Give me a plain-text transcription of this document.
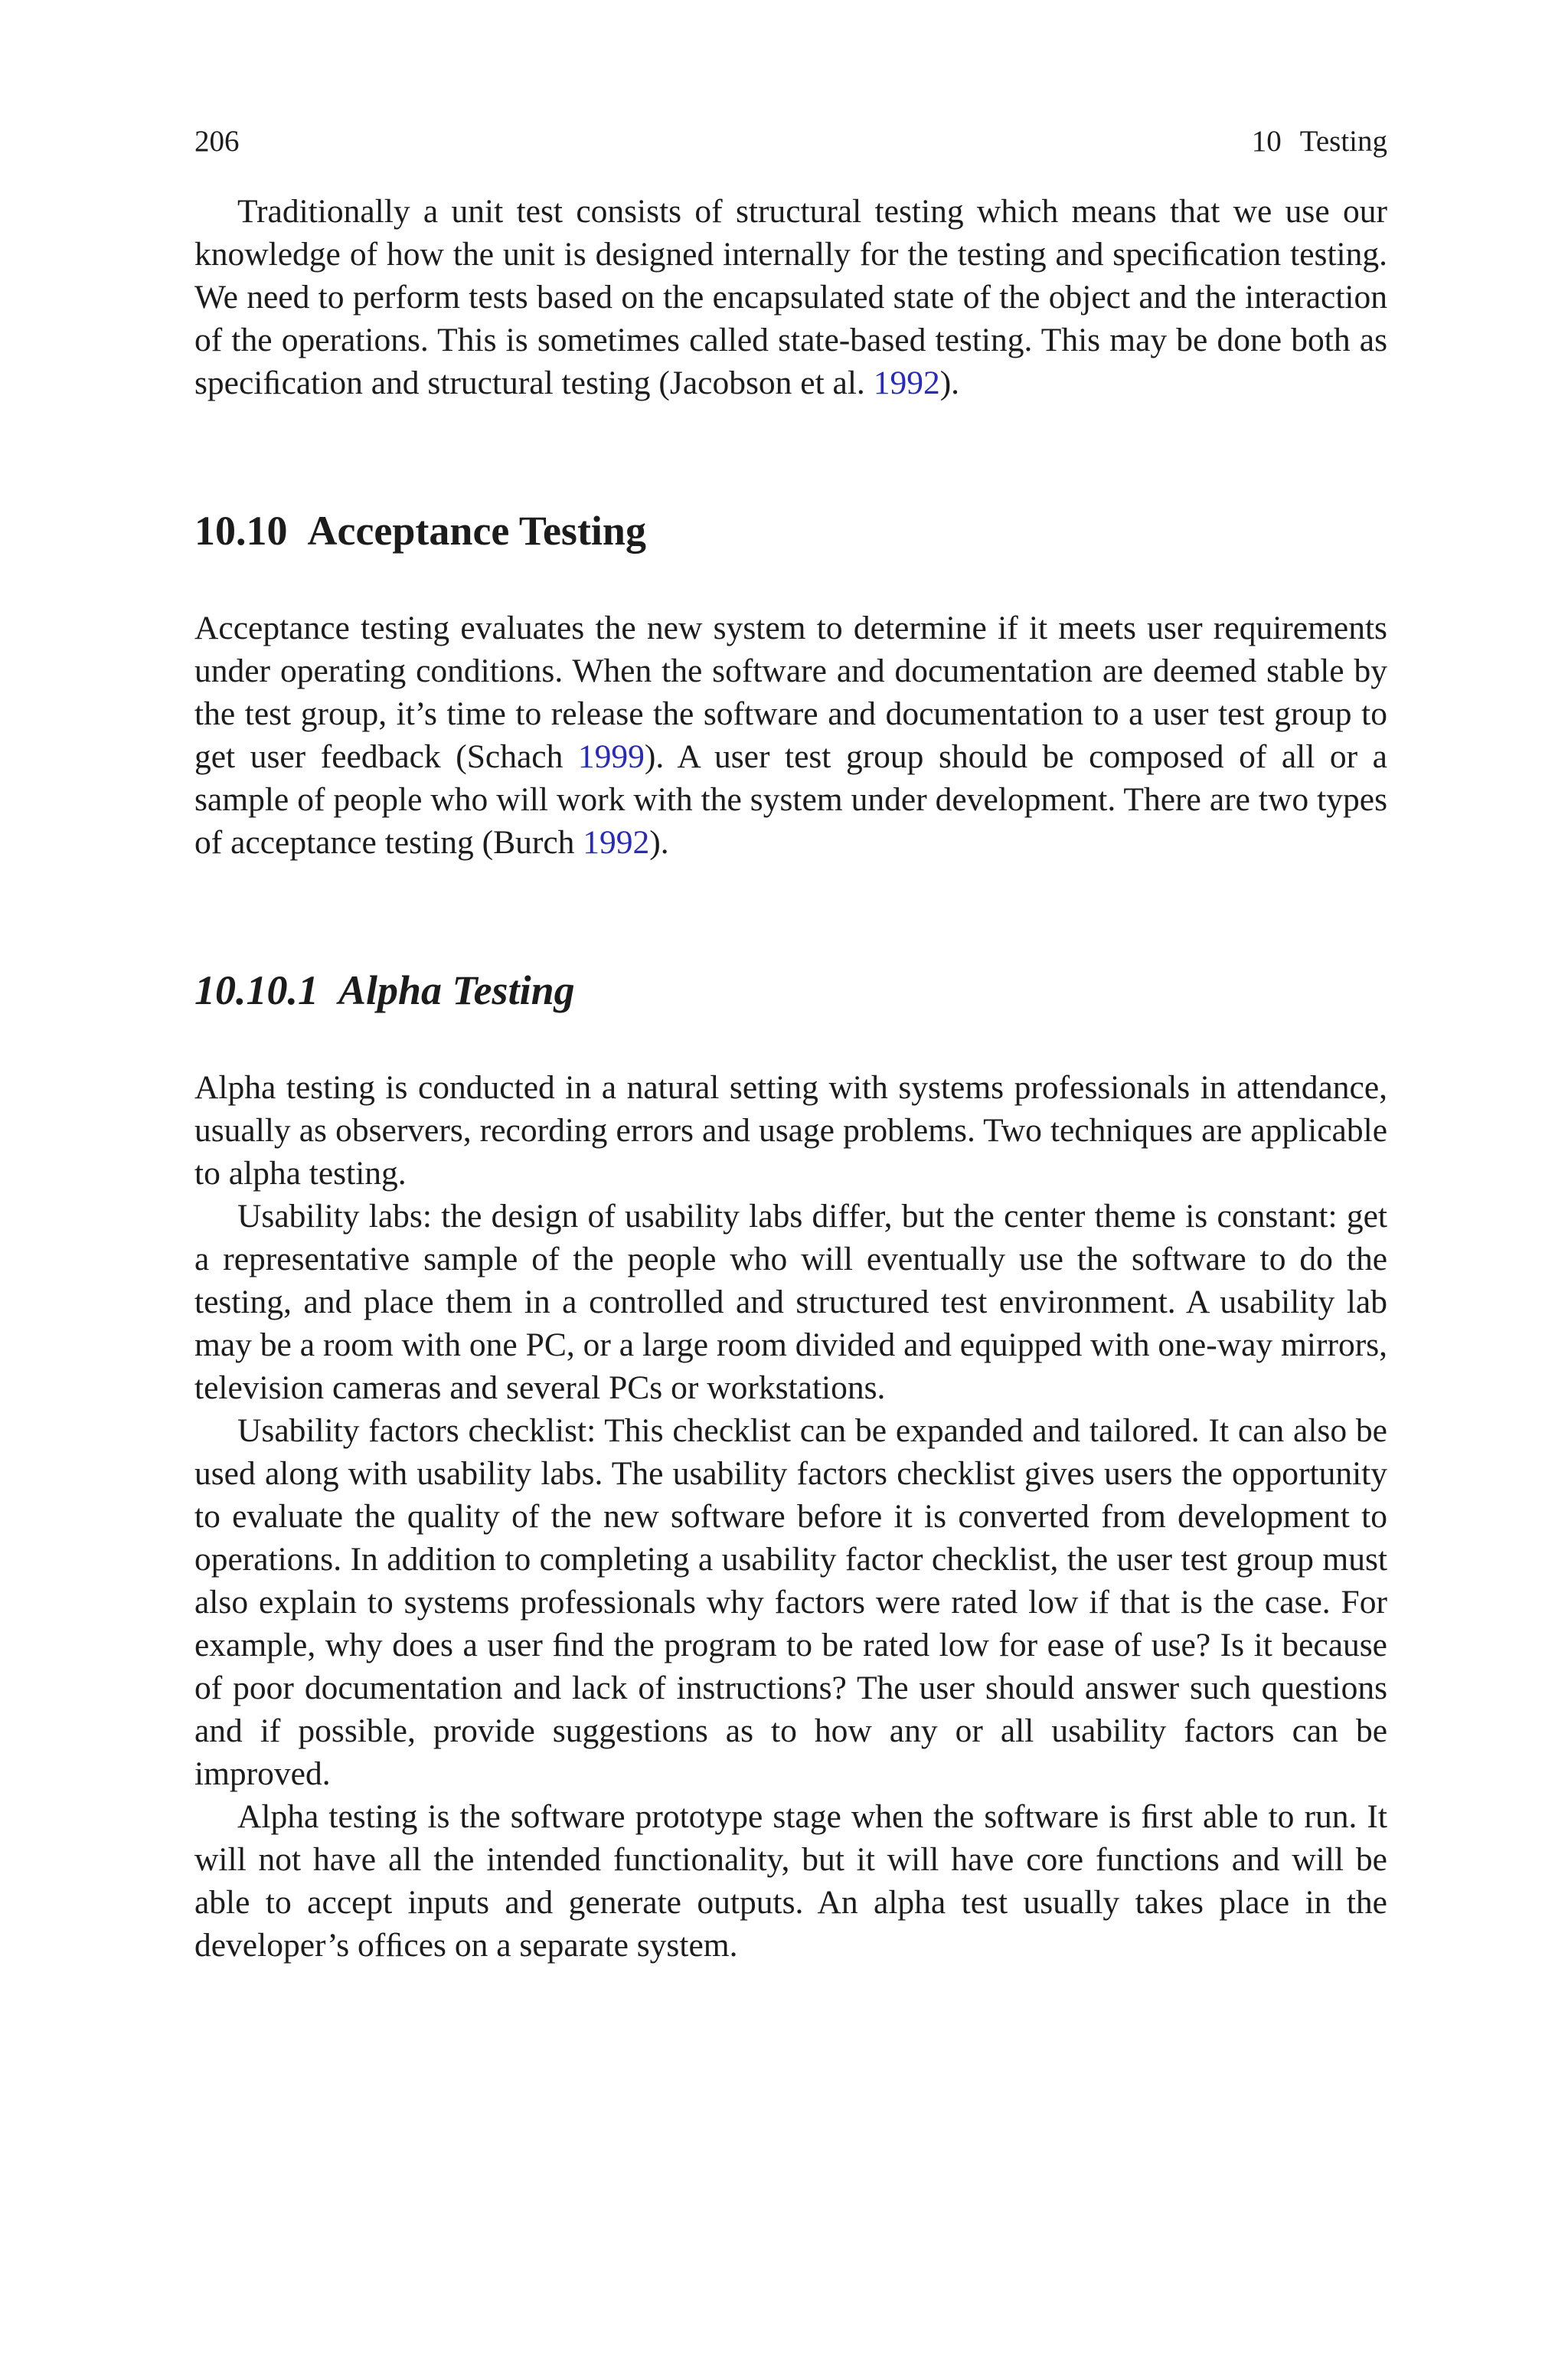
206	10 Testing

Traditionally a unit test consists of structural testing which means that we use our knowledge of how the unit is designed internally for the testing and speciﬁcation testing. We need to perform tests based on the encapsulated state of the object and the interaction of the operations. This is sometimes called state-based testing. This may be done both as speciﬁcation and structural testing (Jacobson et al. 1992).

10.10 Acceptance Testing

Acceptance testing evaluates the new system to determine if it meets user requirements under operating conditions. When the software and documentation are deemed stable by the test group, it’s time to release the software and documentation to a user test group to get user feedback (Schach 1999). A user test group should be composed of all or a sample of people who will work with the system under development. There are two types of acceptance testing (Burch 1992).

10.10.1 Alpha Testing

Alpha testing is conducted in a natural setting with systems professionals in attendance, usually as observers, recording errors and usage problems. Two techniques are applicable to alpha testing.

Usability labs: the design of usability labs differ, but the center theme is constant: get a representative sample of the people who will eventually use the software to do the testing, and place them in a controlled and structured test environment. A usability lab may be a room with one PC, or a large room divided and equipped with one-way mirrors, television cameras and several PCs or workstations.

Usability factors checklist: This checklist can be expanded and tailored. It can also be used along with usability labs. The usability factors checklist gives users the opportunity to evaluate the quality of the new software before it is converted from development to operations. In addition to completing a usability factor checklist, the user test group must also explain to systems professionals why factors were rated low if that is the case. For example, why does a user ﬁnd the program to be rated low for ease of use? Is it because of poor documentation and lack of instructions? The user should answer such questions and if possible, provide suggestions as to how any or all usability factors can be improved.

Alpha testing is the software prototype stage when the software is ﬁrst able to run. It will not have all the intended functionality, but it will have core functions and will be able to accept inputs and generate outputs. An alpha test usually takes place in the developer’s ofﬁces on a separate system.
